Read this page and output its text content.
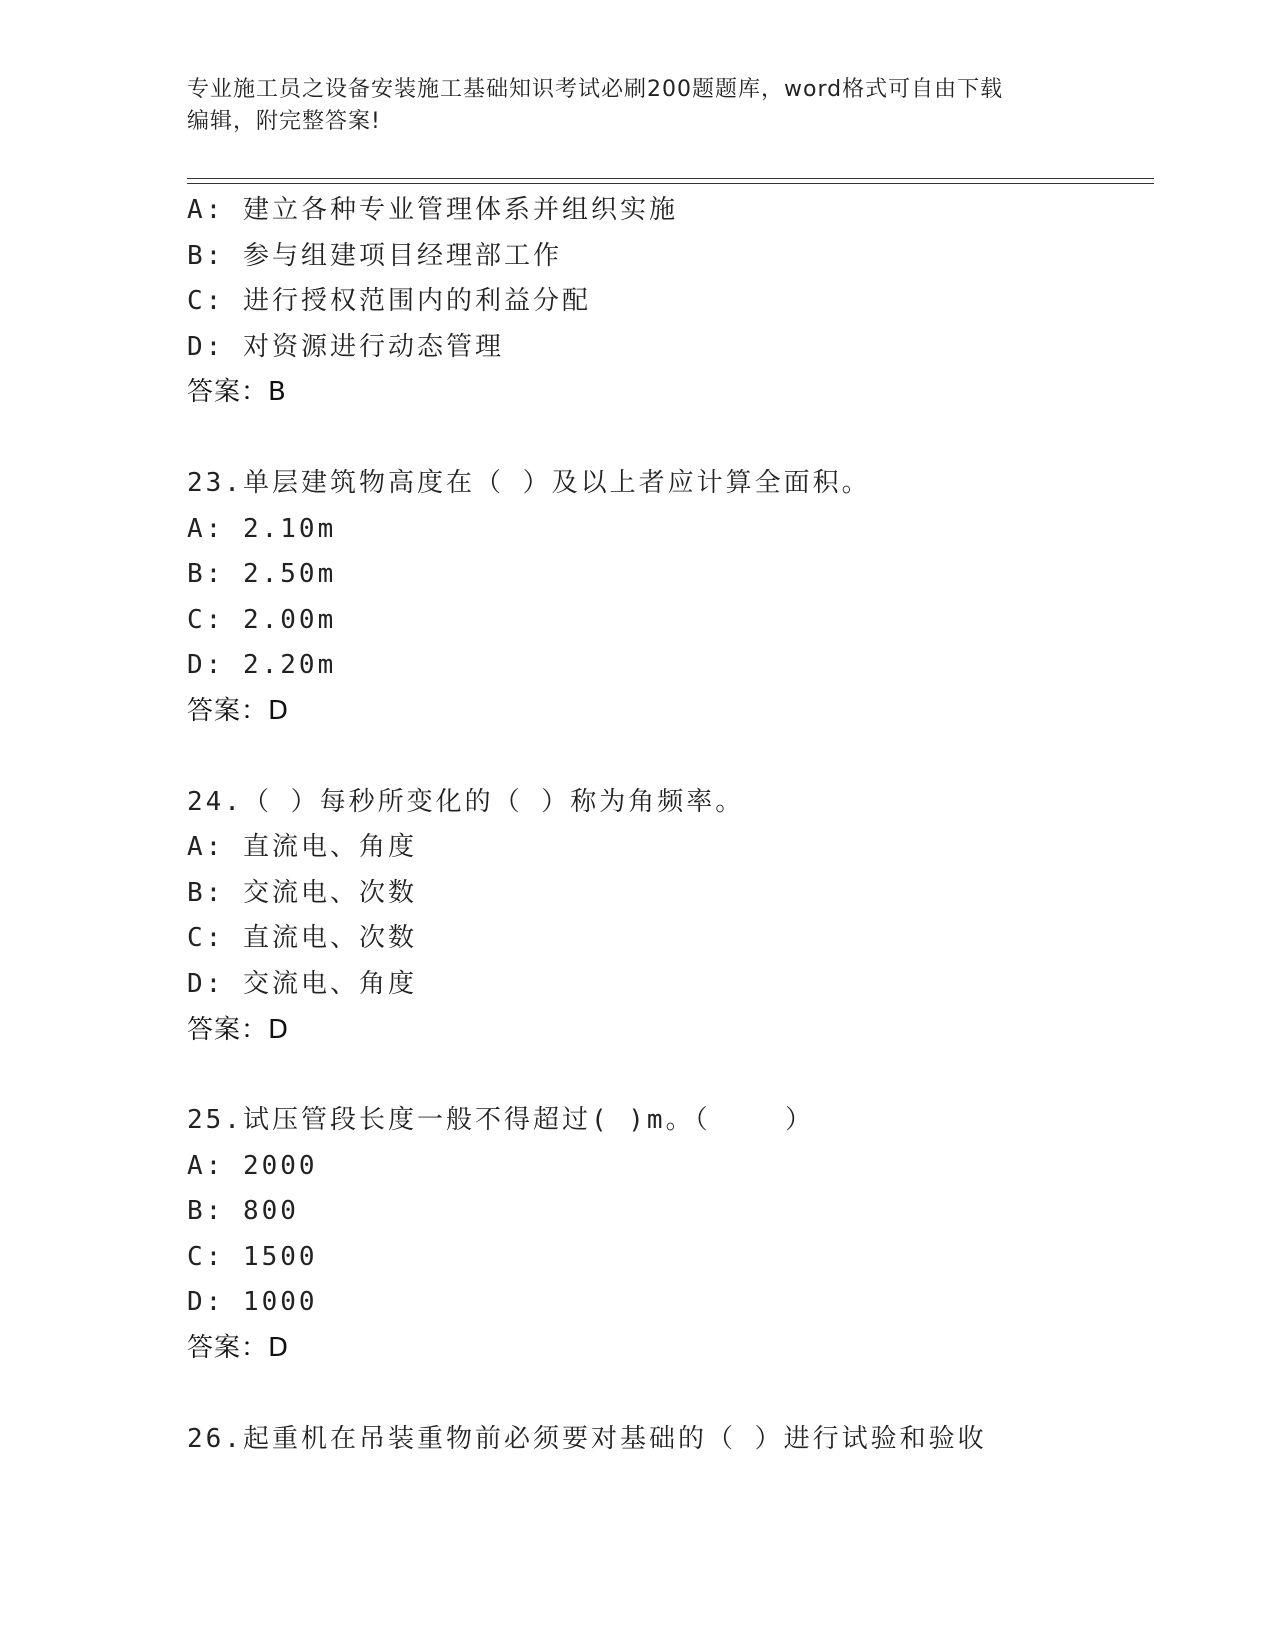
专业施工员之设备安装施工基础知识考试必刷200题题库，word格式可自由下载
编辑，附完整答案!
A: 建立各种专业管理体系并组织实施
B: 参与组建项目经理部工作
C: 进行授权范围内的利益分配
D: 对资源进行动态管理
答案：B
23.单层建筑物高度在（ ）及以上者应计算全面积。
A: 2.10m
B: 2.50m
C: 2.00m
D: 2.20m
答案：D
24.（ ）每秒所变化的（ ）称为角频率。
A: 直流电、角度
B: 交流电、次数
C: 直流电、次数
D: 交流电、角度
答案：D
25.试压管段长度一般不得超过( )m。（    ）
A: 2000
B: 800
C: 1500
D: 1000
答案：D
26.起重机在吊装重物前必须要对基础的（ ）进行试验和验收
